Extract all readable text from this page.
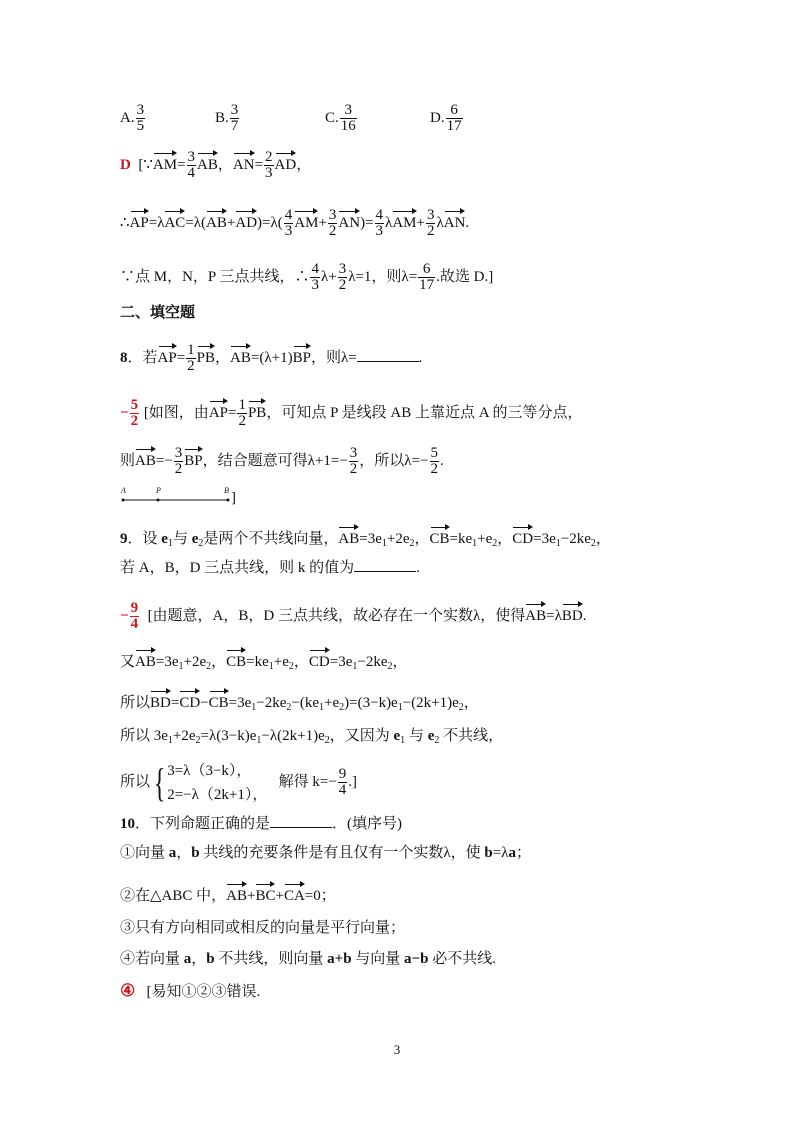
A. $\frac{3}{5}$	B. $\frac{3}{7}$	C. $\frac{3}{16}$	D. $\frac{6}{17}$
D [∵AM= $\frac{3}{4}$ AB，$AN= \frac{2}{3}$ AD，
∴AP=λAC=λ(AB+AD)=λ( $\frac{4}{3} AM+ \frac{3}{2} AN)= \frac{4}{3} \lambda AM+ \frac{3}{2} \lambda AN$.
∵点 M，N，P 三点共线，∴ $\frac{4}{3} \lambda+ \frac{3}{2} \lambda=1$，则$\lambda= \frac{6}{17}$ .故选 D.]
二、填空题
8．若$AP= \frac{1}{2}$ PB，AB=(λ+1)BP，则λ=	.
− $\frac{5}{2}$ [如图，由$AP= \frac{1}{2}$ PB，可知点 P 是线段 AB 上靠近点 A 的三等分点，
则$AB=- \frac{3}{2}$ BP，结合题意可得$\lambda+1=- \frac{3}{2}$ ，所以$\lambda=- \frac{5}{2}$ .
A	P	B ]
9．设 $e_1$与 $e_2$是两个不共线向量，$AB=3e_1+2e_2$，$CB=ke_1+e_2$，$CD=3e_1-2ke_2$，
若 A，B，D 三点共线，则 k 的值为	.
− $\frac{9}{4}$ [由题意，A，B，D 三点共线，故必存在一个实数λ，使得AB=λBD.
又$AB=3e_1+2e_2$，$CB=ke_1+e_2$，$CD=3e_1-2ke_2$，
所以$BD=CD-CB=3e_1-2ke_2-(ke_1+e_2)=(3-k)e_1-(2k+1)e_2$，
所以 $3e_1+2e_2=\lambda(3-k)e_1-\lambda(2k+1)e_2$，又因为 $e_1$ 与 $e_2$ 不共线，
所以{ 3=λ（3−k），
2=−λ（2k+1），
解得 $k=- \frac{9}{4}$ .]
10．下列命题正确的是	．(填序号)
①向量 a，b 共线的充要条件是有且仅有一个实数λ，使 b=λa；
②在△ABC 中，AB+BC+CA=0；
③只有方向相同或相反的向量是平行向量；
④若向量 a，b 不共线，则向量 a+b 与向量 a−b 必不共线.
④ [易知①②③错误.
3
